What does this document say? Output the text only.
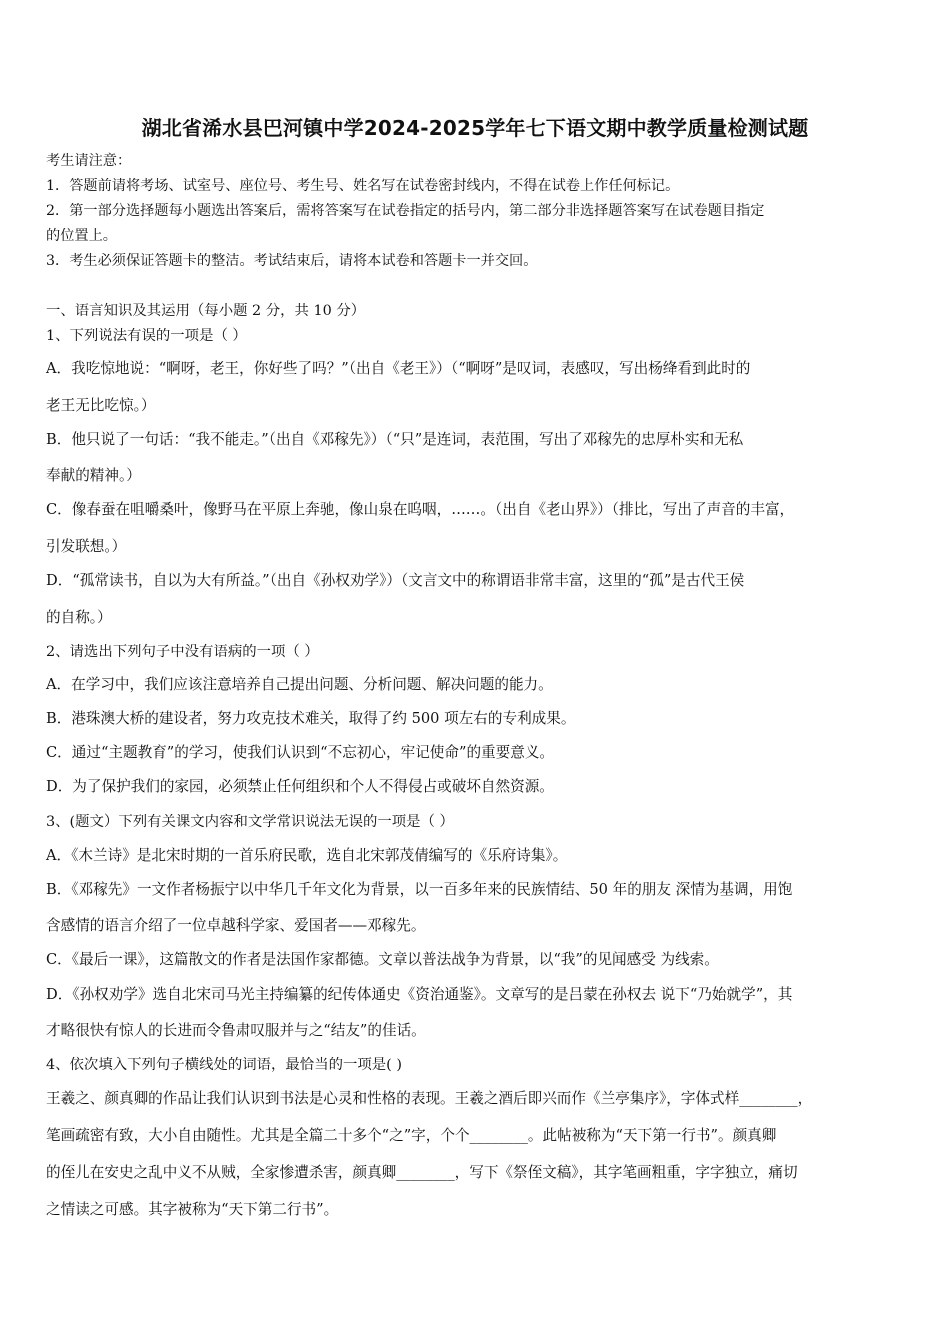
湖北省浠水县巴河镇中学2024-2025学年七下语文期中教学质量检测试题
考生请注意：
1．答题前请将考场、试室号、座位号、考生号、姓名写在试卷密封线内，不得在试卷上作任何标记。
2．第一部分选择题每小题选出答案后，需将答案写在试卷指定的括号内，第二部分非选择题答案写在试卷题目指定
的位置上。
3．考生必须保证答题卡的整洁。考试结束后，请将本试卷和答题卡一并交回。
一、语言知识及其运用（每小题 2 分，共 10 分）
1、下列说法有误的一项是（ ）
A．我吃惊地说：“啊呀，老王，你好些了吗？”（出自《老王》）（“啊呀”是叹词，表感叹，写出杨绛看到此时的
老王无比吃惊。）
B．他只说了一句话：“我不能走。”（出自《邓稼先》）（“只”是连词，表范围，写出了邓稼先的忠厚朴实和无私
奉献的精神。）
C．像春蚕在咀嚼桑叶，像野马在平原上奔驰，像山泉在呜咽，……。（出自《老山界》）（排比，写出了声音的丰富，
引发联想。）
D．“孤常读书，自以为大有所益。”（出自《孙权劝学》）（文言文中的称谓语非常丰富，这里的“孤”是古代王侯
的自称。）
2、请选出下列句子中没有语病的一项（ ）
A．在学习中，我们应该注意培养自己提出问题、分析问题、解决问题的能力。
B．港珠澳大桥的建设者，努力攻克技术难关，取得了约 500 项左右的专利成果。
C．通过“主题教育”的学习，使我们认识到“不忘初心，牢记使命”的重要意义。
D．为了保护我们的家园，必须禁止任何组织和个人不得侵占或破坏自然资源。
3、(题文）下列有关课文内容和文学常识说法无误的一项是（ ）
A．《木兰诗》是北宋时期的一首乐府民歌，选自北宋郭茂倩编写的《乐府诗集》。
B．《邓稼先》一文作者杨振宁以中华几千年文化为背景，以一百多年来的民族情结、50 年的朋友 深情为基调，用饱
含感情的语言介绍了一位卓越科学家、爱国者——邓稼先。
C．《最后一课》，这篇散文的作者是法国作家都德。文章以普法战争为背景，以“我”的见闻感受 为线索。
D．《孙权劝学》选自北宋司马光主持编纂的纪传体通史《资治通鉴》。文章写的是吕蒙在孙权去 说下“乃始就学”，其
才略很快有惊人的长进而令鲁肃叹服并与之“结友”的佳话。
4、依次填入下列句子横线处的词语，最恰当的一项是( )
王羲之、颜真卿的作品让我们认识到书法是心灵和性格的表现。王羲之酒后即兴而作《兰亭集序》，字体式样________，
笔画疏密有致，大小自由随性。尤其是全篇二十多个“之”字，个个________。此帖被称为“天下第一行书”。颜真卿
的侄儿在安史之乱中义不从贼，全家惨遭杀害，颜真卿________，写下《祭侄文稿》，其字笔画粗重，字字独立，痛切
之情读之可感。其字被称为“天下第二行书”。
